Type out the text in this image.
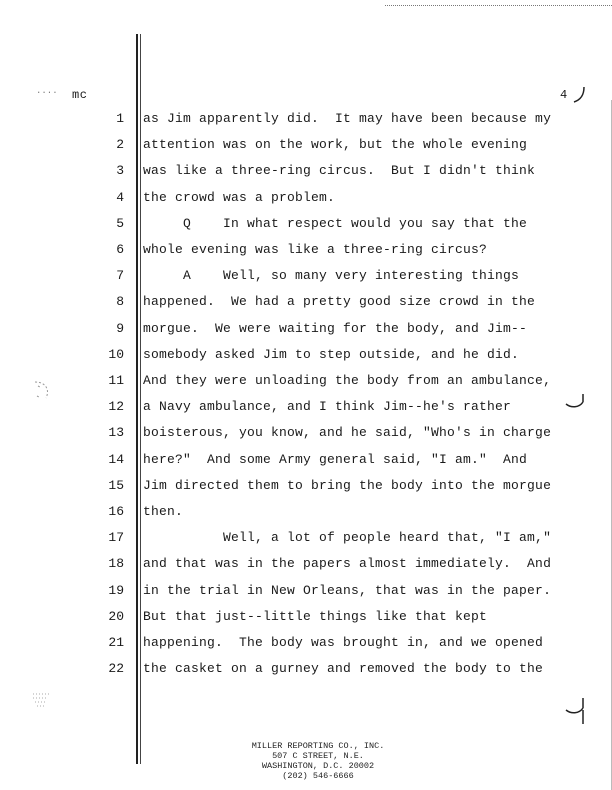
···· mc	4
1 as Jim apparently did.  It may have been because my
2 attention was on the work, but the whole evening
3 was like a three-ring circus.  But I didn't think
4 the crowd was a problem.
5 Q    In what respect would you say that the
6 whole evening was like a three-ring circus?
7 A    Well, so many very interesting things
8 happened.  We had a pretty good size crowd in the
9 morgue.  We were waiting for the body, and Jim--
10 somebody asked Jim to step outside, and he did.
11 And they were unloading the body from an ambulance,
12 a Navy ambulance, and I think Jim--he's rather
13 boisterous, you know, and he said, "Who's in charge
14 here?"  And some Army general said, "I am."  And
15 Jim directed them to bring the body into the morgue
16 then.
17 Well, a lot of people heard that, "I am,"
18 and that was in the papers almost immediately.  And
19 in the trial in New Orleans, that was in the paper.
20 But that just--little things like that kept
21 happening.  The body was brought in, and we opened
22 the casket on a gurney and removed the body to the
MILLER REPORTING CO., INC.
507 C STREET, N.E.
WASHINGTON, D.C. 20002
(202) 546-6666
